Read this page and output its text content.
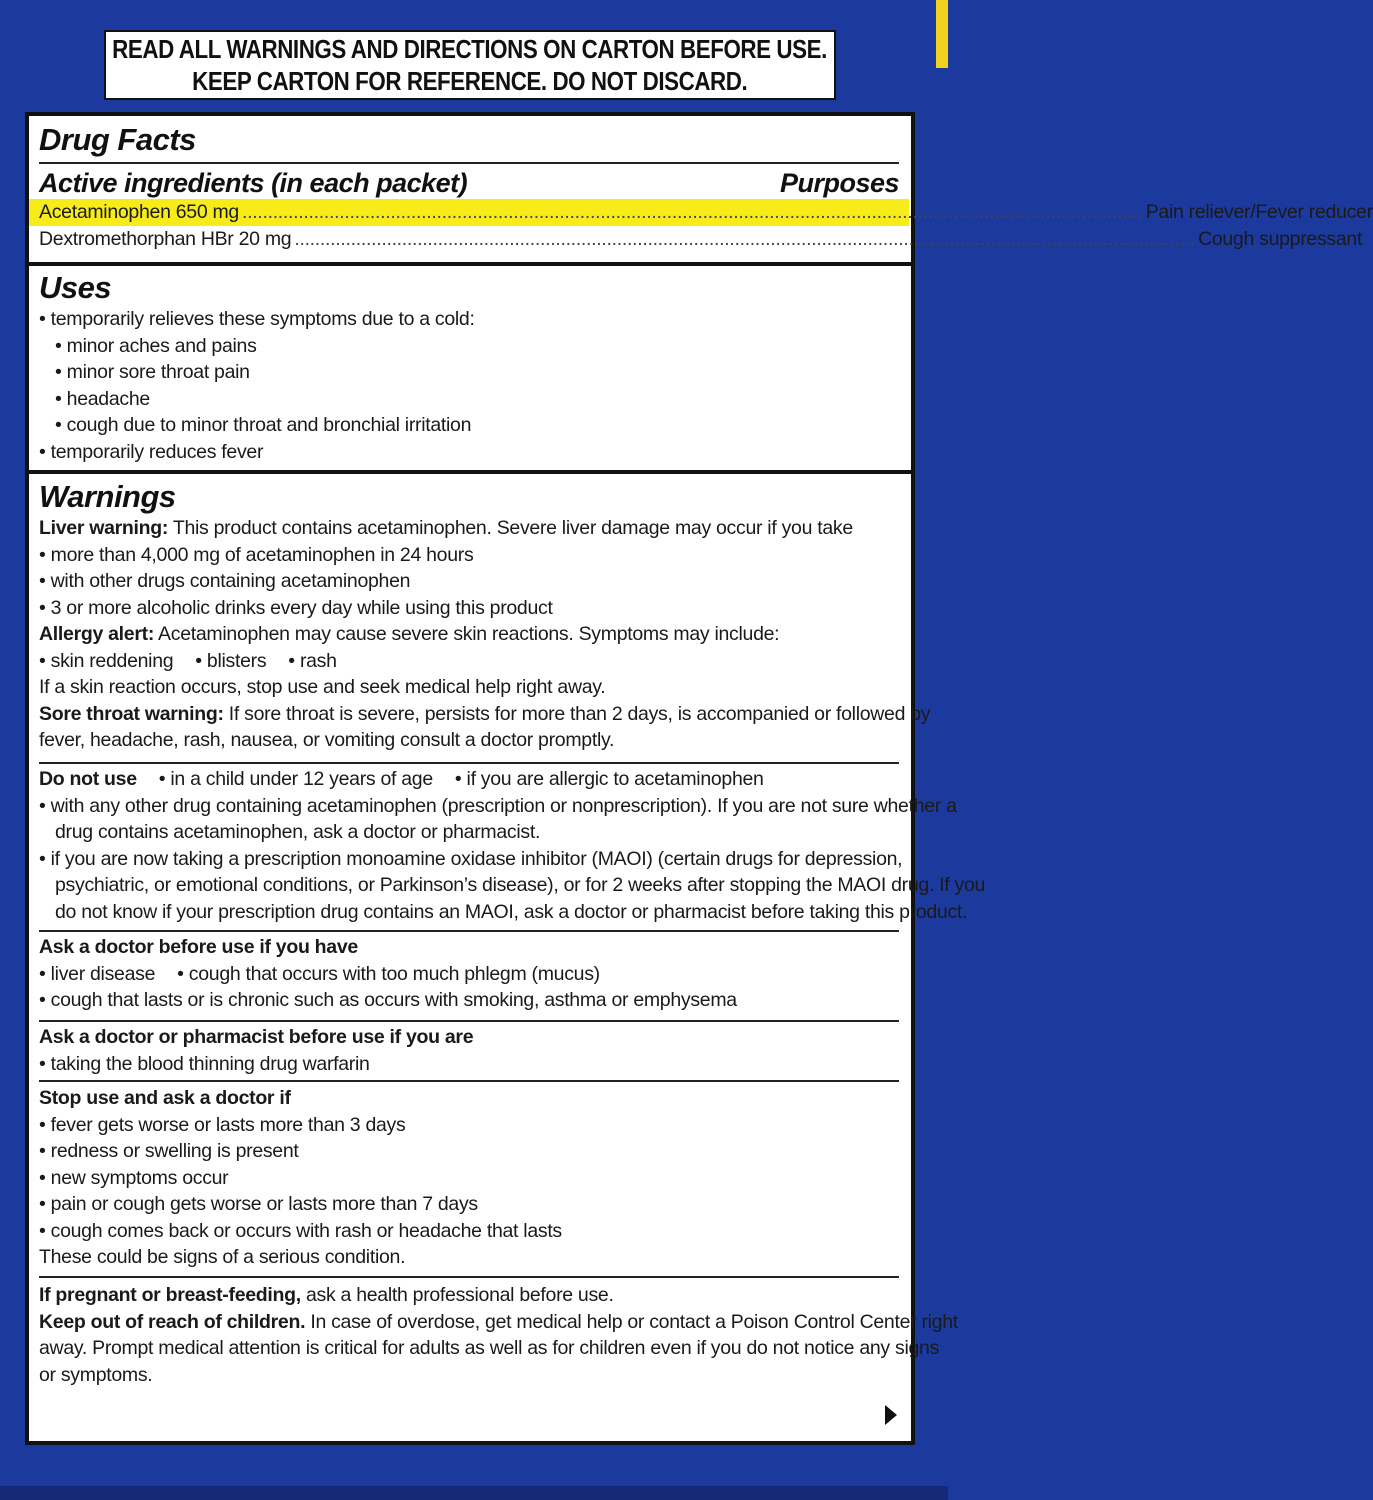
READ ALL WARNINGS AND DIRECTIONS ON CARTON BEFORE USE.
KEEP CARTON FOR REFERENCE. DO NOT DISCARD.
Drug Facts
Active ingredients (in each packet)	Purposes
Acetaminophen 650 mg ................................................................................................................................................................................ Pain reliever/Fever reducer
Dextromethorphan HBr 20 mg ................................................................................................................................................................................ Cough suppressant
Uses
• temporarily relieves these symptoms due to a cold:
• minor aches and pains
• minor sore throat pain
• headache
• cough due to minor throat and bronchial irritation
• temporarily reduces fever
Warnings
Liver warning: This product contains acetaminophen. Severe liver damage may occur if you take
• more than 4,000 mg of acetaminophen in 24 hours
• with other drugs containing acetaminophen
• 3 or more alcoholic drinks every day while using this product
Allergy alert: Acetaminophen may cause severe skin reactions. Symptoms may include:
• skin reddening • blisters • rash
If a skin reaction occurs, stop use and seek medical help right away.
Sore throat warning: If sore throat is severe, persists for more than 2 days, is accompanied or followed by
fever, headache, rash, nausea, or vomiting consult a doctor promptly.
Do not use • in a child under 12 years of age • if you are allergic to acetaminophen
• with any other drug containing acetaminophen (prescription or nonprescription). If you are not sure whether a
drug contains acetaminophen, ask a doctor or pharmacist.
• if you are now taking a prescription monoamine oxidase inhibitor (MAOI) (certain drugs for depression,
psychiatric, or emotional conditions, or Parkinson’s disease), or for 2 weeks after stopping the MAOI drug. If you
do not know if your prescription drug contains an MAOI, ask a doctor or pharmacist before taking this product.
Ask a doctor before use if you have
• liver disease • cough that occurs with too much phlegm (mucus)
• cough that lasts or is chronic such as occurs with smoking, asthma or emphysema
Ask a doctor or pharmacist before use if you are
• taking the blood thinning drug warfarin
Stop use and ask a doctor if
• fever gets worse or lasts more than 3 days
• redness or swelling is present
• new symptoms occur
• pain or cough gets worse or lasts more than 7 days
• cough comes back or occurs with rash or headache that lasts
These could be signs of a serious condition.
If pregnant or breast-feeding, ask a health professional before use.
Keep out of reach of children. In case of overdose, get medical help or contact a Poison Control Center right
away. Prompt medical attention is critical for adults as well as for children even if you do not notice any signs
or symptoms.
